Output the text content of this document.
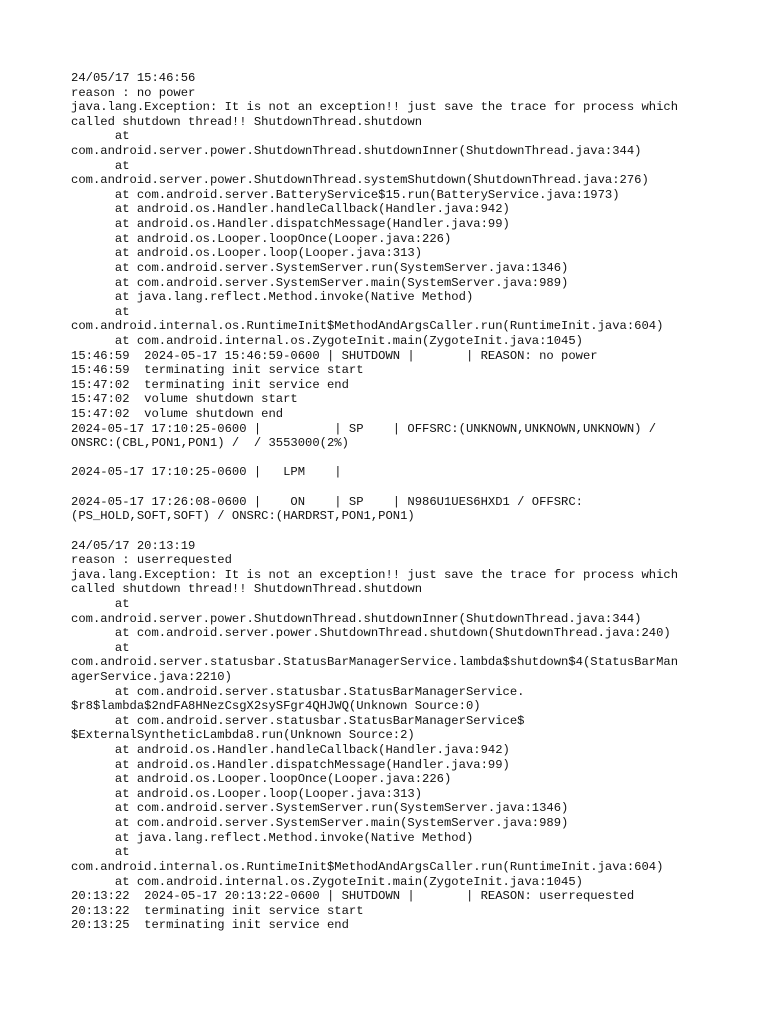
24/05/17 15:46:56
reason : no power
java.lang.Exception: It is not an exception!! just save the trace for process which
called shutdown thread!! ShutdownThread.shutdown
at
com.android.server.power.ShutdownThread.shutdownInner(ShutdownThread.java:344)
at
com.android.server.power.ShutdownThread.systemShutdown(ShutdownThread.java:276)
at com.android.server.BatteryService$15.run(BatteryService.java:1973)
at android.os.Handler.handleCallback(Handler.java:942)
at android.os.Handler.dispatchMessage(Handler.java:99)
at android.os.Looper.loopOnce(Looper.java:226)
at android.os.Looper.loop(Looper.java:313)
at com.android.server.SystemServer.run(SystemServer.java:1346)
at com.android.server.SystemServer.main(SystemServer.java:989)
at java.lang.reflect.Method.invoke(Native Method)
at
com.android.internal.os.RuntimeInit$MethodAndArgsCaller.run(RuntimeInit.java:604)
at com.android.internal.os.ZygoteInit.main(ZygoteInit.java:1045)
15:46:59  2024-05-17 15:46:59-0600 | SHUTDOWN |       | REASON: no power
15:46:59  terminating init service start
15:47:02  terminating init service end
15:47:02  volume shutdown start
15:47:02  volume shutdown end
2024-05-17 17:10:25-0600 |          | SP    | OFFSRC:(UNKNOWN,UNKNOWN,UNKNOWN) /
ONSRC:(CBL,PON1,PON1) /  / 3553000(2%)
2024-05-17 17:10:25-0600 |   LPM    |
2024-05-17 17:26:08-0600 |    ON    | SP    | N986U1UES6HXD1 / OFFSRC:
(PS_HOLD,SOFT,SOFT) / ONSRC:(HARDRST,PON1,PON1)
24/05/17 20:13:19
reason : userrequested
java.lang.Exception: It is not an exception!! just save the trace for process which
called shutdown thread!! ShutdownThread.shutdown
at
com.android.server.power.ShutdownThread.shutdownInner(ShutdownThread.java:344)
at com.android.server.power.ShutdownThread.shutdown(ShutdownThread.java:240)
at
com.android.server.statusbar.StatusBarManagerService.lambda$shutdown$4(StatusBarMan
agerService.java:2210)
at com.android.server.statusbar.StatusBarManagerService.
$r8$lambda$2ndFA8HNezCsgX2sySFgr4QHJWQ(Unknown Source:0)
at com.android.server.statusbar.StatusBarManagerService$
$ExternalSyntheticLambda8.run(Unknown Source:2)
at android.os.Handler.handleCallback(Handler.java:942)
at android.os.Handler.dispatchMessage(Handler.java:99)
at android.os.Looper.loopOnce(Looper.java:226)
at android.os.Looper.loop(Looper.java:313)
at com.android.server.SystemServer.run(SystemServer.java:1346)
at com.android.server.SystemServer.main(SystemServer.java:989)
at java.lang.reflect.Method.invoke(Native Method)
at
com.android.internal.os.RuntimeInit$MethodAndArgsCaller.run(RuntimeInit.java:604)
at com.android.internal.os.ZygoteInit.main(ZygoteInit.java:1045)
20:13:22  2024-05-17 20:13:22-0600 | SHUTDOWN |       | REASON: userrequested
20:13:22  terminating init service start
20:13:25  terminating init service end
